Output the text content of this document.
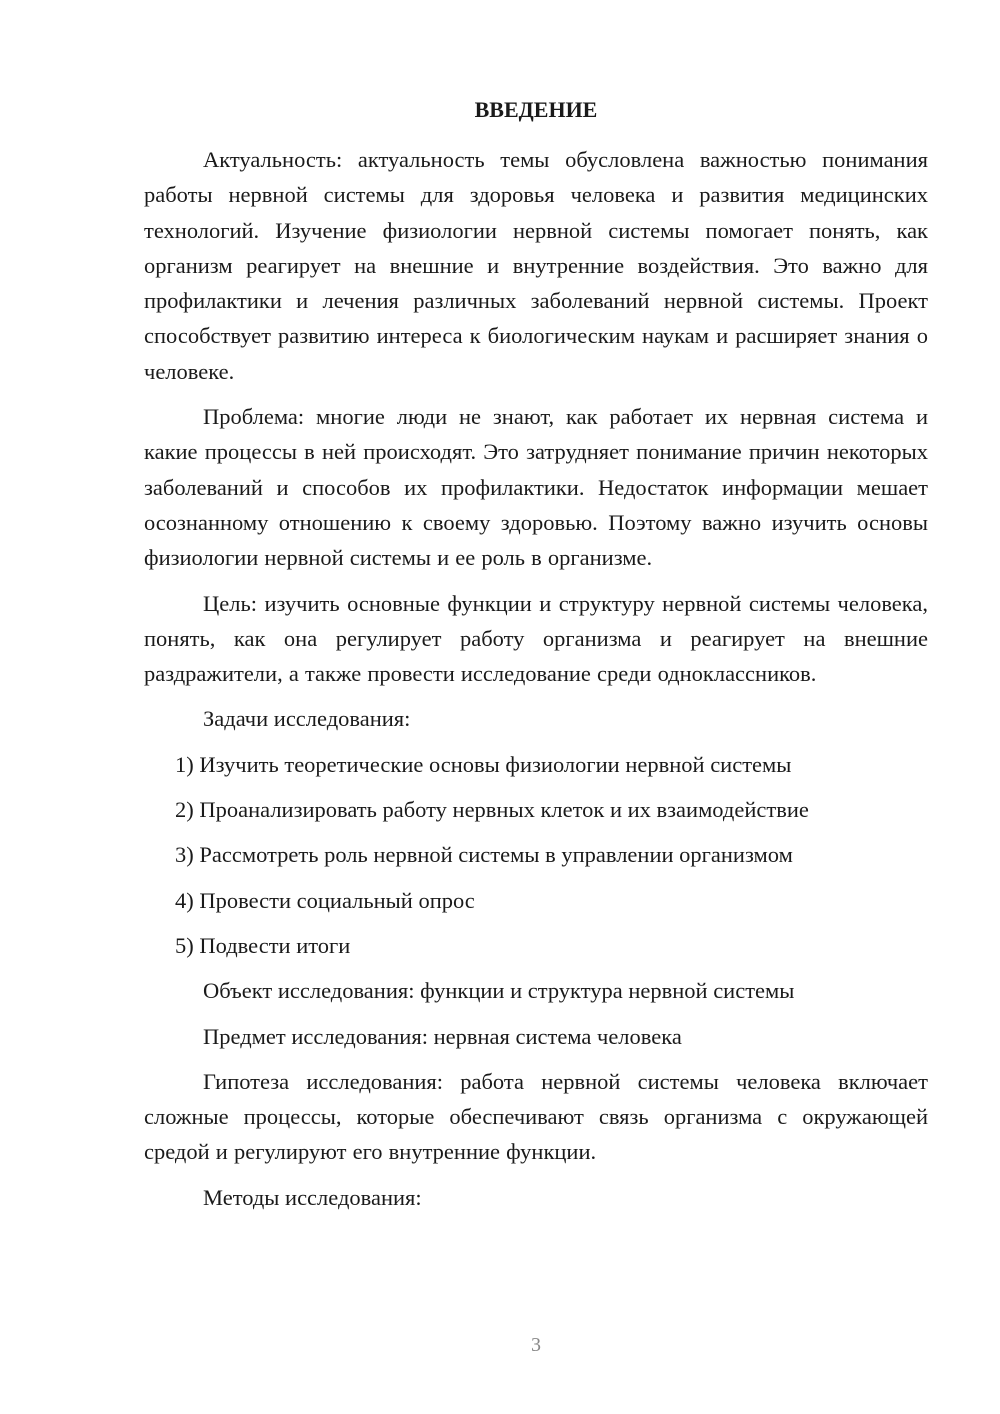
ВВЕДЕНИЕ

Актуальность: актуальность темы обусловлена важностью понимания работы нервной системы для здоровья человека и развития медицинских технологий. Изучение физиологии нервной системы помогает понять, как организм реагирует на внешние и внутренние воздействия. Это важно для профилактики и лечения различных заболеваний нервной системы. Проект способствует развитию интереса к биологическим наукам и расширяет знания о человеке.

Проблема: многие люди не знают, как работает их нервная система и какие процессы в ней происходят. Это затрудняет понимание причин некоторых заболеваний и способов их профилактики. Недостаток информации мешает осознанному отношению к своему здоровью. Поэтому важно изучить основы физиологии нервной системы и ее роль в организме.

Цель: изучить основные функции и структуру нервной системы человека, понять, как она регулирует работу организма и реагирует на внешние раздражители, а также провести исследование среди одноклассников.

Задачи исследования:

1) Изучить теоретические основы физиологии нервной системы
2) Проанализировать работу нервных клеток и их взаимодействие
3) Рассмотреть роль нервной системы в управлении организмом
4) Провести социальный опрос
5) Подвести итоги

Объект исследования: функции и структура нервной системы

Предмет исследования: нервная система человека

Гипотеза исследования: работа нервной системы человека включает сложные процессы, которые обеспечивают связь организма с окружающей средой и регулируют его внутренние функции.

Методы исследования:

3
